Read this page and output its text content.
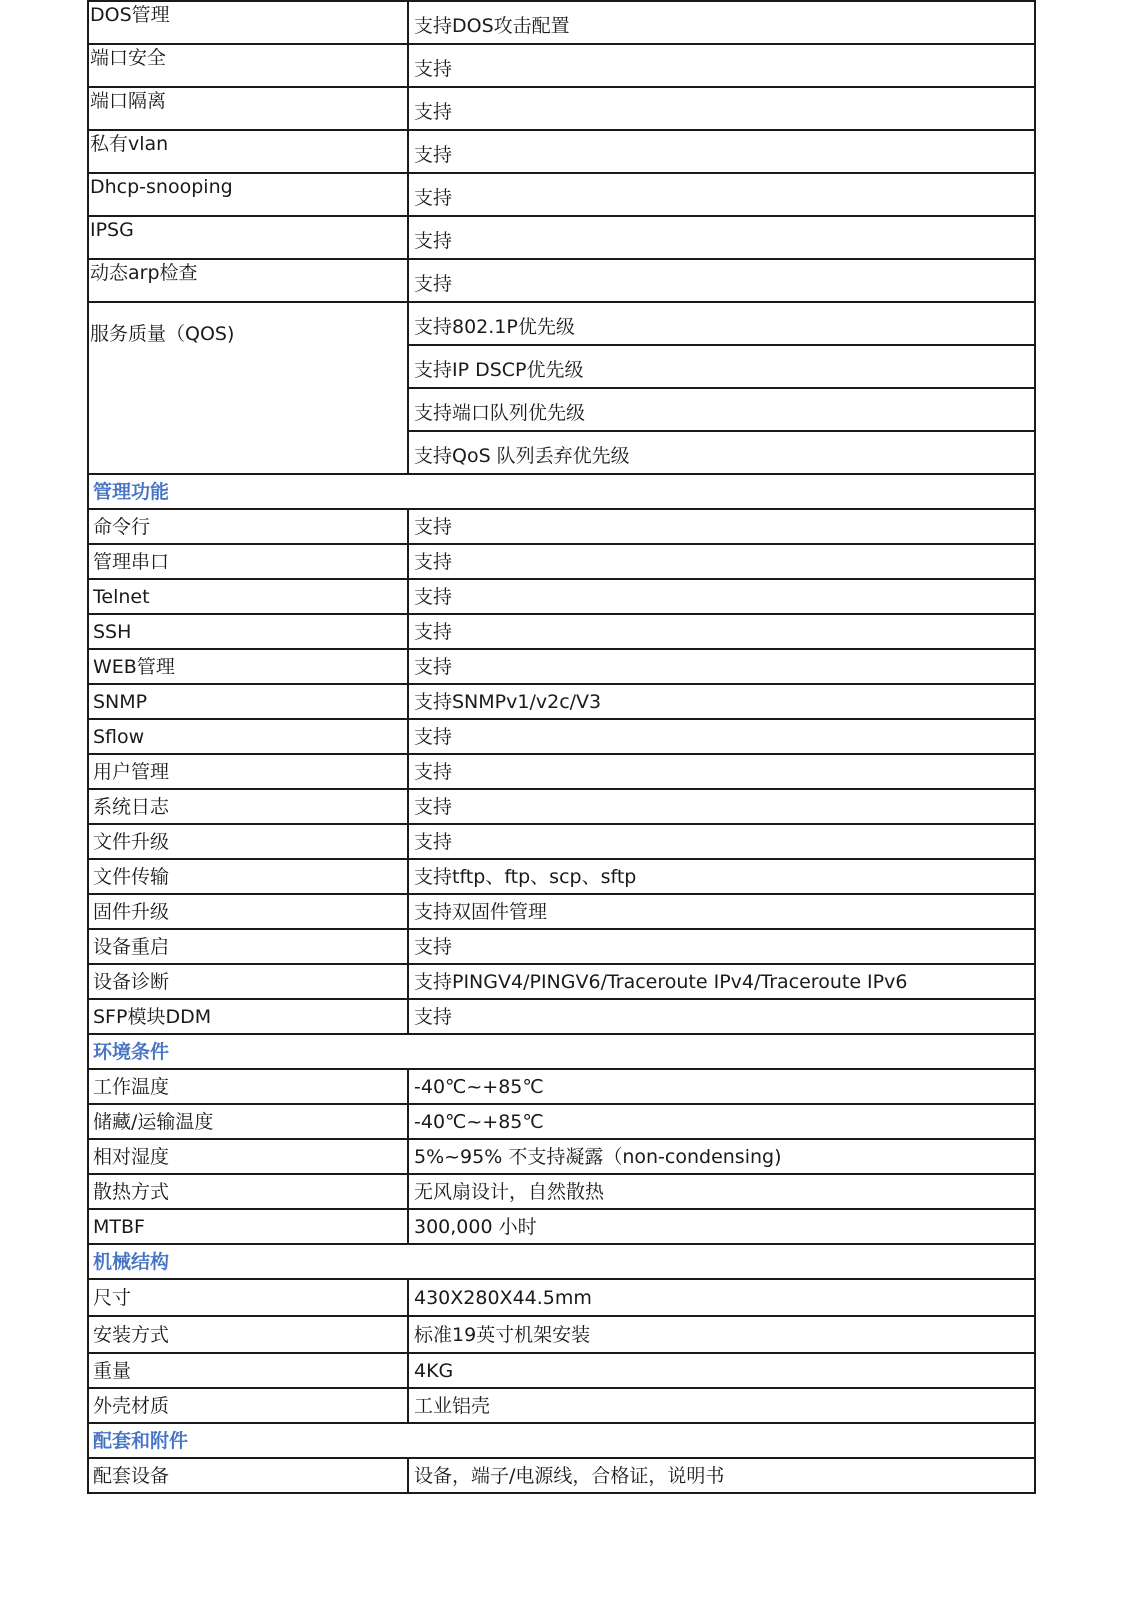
DOS管理	支持DOS攻击配置
端口安全	支持
端口隔离	支持
私有vlan	支持
Dhcp-snooping	支持
IPSG	支持
动态arp检查	支持
服务质量（QOS)	支持802.1P优先级
	支持IP DSCP优先级
	支持端口队列优先级
	支持QoS 队列丢弃优先级
管理功能	
命令行	支持
管理串口	支持
Telnet	支持
SSH	支持
WEB管理	支持
SNMP	支持SNMPv1/v2c/V3
Sflow	支持
用户管理	支持
系统日志	支持
文件升级	支持
文件传输	支持tftp、ftp、scp、sftp
固件升级	支持双固件管理
设备重启	支持
设备诊断	支持PINGV4/PINGV6/Traceroute IPv4/Traceroute IPv6
SFP模块DDM	支持
环境条件	
工作温度	-40℃~+85℃
储藏/运输温度	-40℃~+85℃
相对湿度	5%~95% 不支持凝露（non-condensing)
散热方式	无风扇设计，自然散热
MTBF	300,000 小时
机械结构	
尺寸	430X280X44.5mm
安装方式	标准19英寸机架安装
重量	4KG
外壳材质	工业铝壳
配套和附件	
配套设备	设备，端子/电源线，合格证，说明书
